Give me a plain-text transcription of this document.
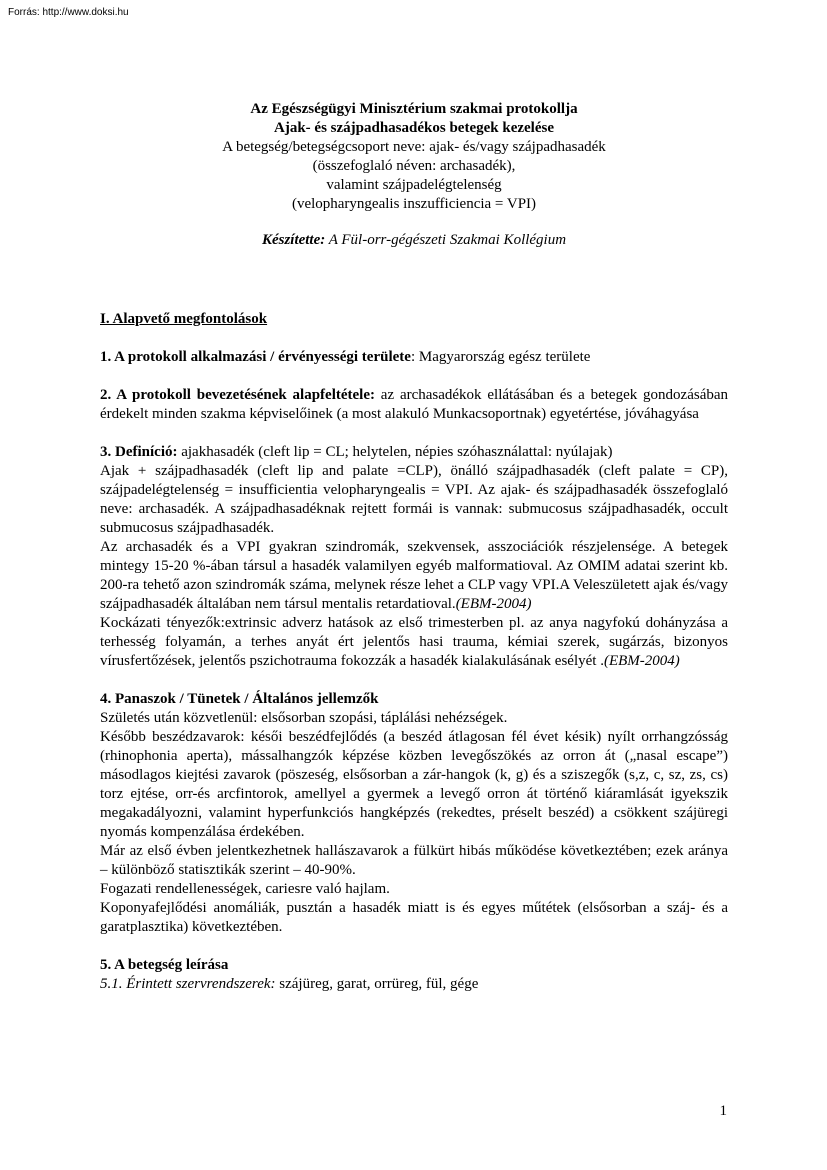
Forrás: http://www.doksi.hu
Az Egészségügyi Minisztérium szakmai protokollja
Ajak- és szájpadhasadékos betegek kezelése
A betegség/betegségcsoport neve: ajak- és/vagy szájpadhasadék
(összefoglaló néven: archasadék),
valamint szájpadelégtelenség
(velopharyngealis inszufficiencia = VPI)
Készítette: A Fül-orr-gégészeti Szakmai Kollégium

I. Alapvető megfontolások

1. A protokoll alkalmazási / érvényességi területe: Magyarország egész területe

2. A protokoll bevezetésének alapfeltétele: az archasadékok ellátásában és a betegek gondozásában érdekelt minden szakma képviselőinek (a most alakuló Munkacsoportnak) egyetértése, jóváhagyása

3. Definíció: ajakhasadék (cleft lip = CL; helytelen, népies szóhasználattal: nyúlajak)

Ajak + szájpadhasadék (cleft lip and palate =CLP), önálló szájpadhasadék (cleft palate = CP), szájpadelégtelenség = insufficientia velopharyngealis = VPI. Az ajak- és szájpadhasadék összefoglaló neve: archasadék. A szájpadhasadéknak rejtett formái is vannak: submucosus szájpadhasadék, occult submucosus szájpadhasadék.

Az archasadék és a VPI gyakran szindromák, szekvensek, asszociációk részjelensége. A betegek mintegy 15-20 %-ában társul a hasadék valamilyen egyéb malformatioval. Az OMIM adatai szerint kb. 200-ra tehető azon szindromák száma, melynek része lehet a CLP vagy VPI.A Veleszületett ajak és/vagy szájpadhasadék általában nem társul mentalis retardatioval.(EBM-2004)

Kockázati tényezők:extrinsic adverz hatások az első trimesterben pl. az anya nagyfokú dohányzása a terhesség folyamán, a terhes anyát ért jelentős hasi trauma, kémiai szerek, sugárzás, bizonyos vírusfertőzések, jelentős pszichotrauma fokozzák a hasadék kialakulásának esélyét .(EBM-2004)

4. Panaszok / Tünetek / Általános jellemzők

Születés után közvetlenül: elsősorban szopási, táplálási nehézségek.

Később beszédzavarok: késői beszédfejlődés (a beszéd átlagosan fél évet késik) nyílt orrhangzósság (rhinophonia aperta), mássalhangzók képzése közben levegőszökés az orron át („nasal escape”) másodlagos kiejtési zavarok (pöszeség, elsősorban a zár-hangok (k, g) és a sziszegők (s,z, c, sz, zs, cs) torz ejtése, orr-és arcfintorok, amellyel a gyermek a levegő orron át történő kiáramlását igyekszik megakadályozni, valamint hyperfunkciós hangképzés (rekedtes, préselt beszéd) a csökkent szájüregi nyomás kompenzálása érdekében.

Már az első évben jelentkezhetnek hallászavarok a fülkürt hibás működése következtében; ezek aránya – különböző statisztikák szerint – 40-90%.

Fogazati rendellenességek, cariesre való hajlam.

Koponyafejlődési anomáliák, pusztán a hasadék miatt is és egyes műtétek (elsősorban a száj- és a garatplasztika) következtében.

5. A betegség leírása

5.1. Érintett szervrendszerek: szájüreg, garat, orrüreg, fül, gége

1
